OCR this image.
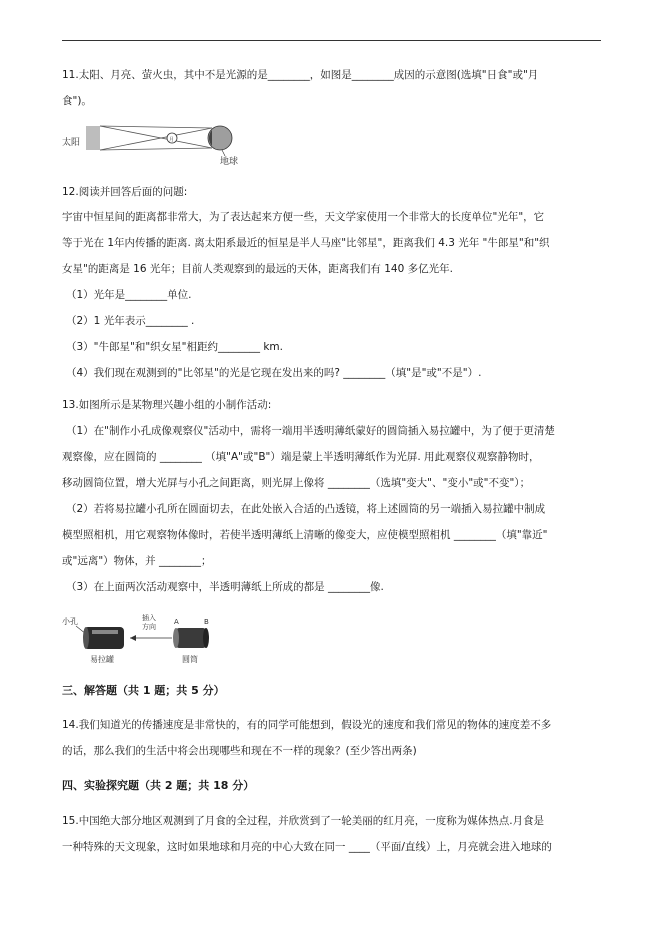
11.太阳、月亮、萤火虫，其中不是光源的是________，如图是________成因的示意图(选填"日食"或"月
食")。
太阳	月
地球
12.阅读并回答后面的问题:
宇宙中恒星间的距离都非常大，为了表达起来方便一些，天文学家使用一个非常大的长度单位"光年"，它
等于光在 1年内传播的距离. 离太阳系最近的恒星是半人马座"比邻星"，距离我们 4.3 光年 "牛郎星"和"织
女星"的距离是 16 光年；目前人类观察到的最远的天体，距离我们有 140 多亿光年.
（1）光年是________单位.
（2）1 光年表示________ .
（3）"牛郎星"和"织女星"相距约________ km.
（4）我们现在观测到的"比邻星"的光是它现在发出来的吗? ________（填"是"或"不是"）.
13.如图所示是某物理兴趣小组的小制作活动:
（1）在"制作小孔成像观察仪"活动中，需将一端用半透明薄纸蒙好的圆筒插入易拉罐中，为了便于更清楚
观察像，应在圆筒的 ________ （填"A"或"B"）端是蒙上半透明薄纸作为光屏. 用此观察仪观察静物时，
移动圆筒位置，增大光屏与小孔之间距离，则光屏上像将 ________（选填"变大"、"变小"或"不变"）；
（2）若将易拉罐小孔所在圆面切去，在此处嵌入合适的凸透镜，将上述圆筒的另一端插入易拉罐中制成
模型照相机，用它观察物体像时，若使半透明薄纸上清晰的像变大，应使模型照相机 ________（填"靠近"
或"远离"）物体，并 ________；
（3）在上面两次活动观察中，半透明薄纸上所成的都是 ________像.
小孔
易拉罐
插入
方向
A	B
圆筒
三、解答题（共 1 题；共 5 分）
14.我们知道光的传播速度是非常快的，有的同学可能想到，假设光的速度和我们常见的物体的速度差不多
的话，那么我们的生活中将会出现哪些和现在不一样的现象？(至少答出两条)
四、实验探究题（共 2 题；共 18 分）
15.中国绝大部分地区观测到了月食的全过程，并欣赏到了一轮美丽的红月亮，一度称为媒体热点.月食是
一种特殊的天文现象，这时如果地球和月亮的中心大致在同一 ____（平面/直线）上，月亮就会进入地球的
